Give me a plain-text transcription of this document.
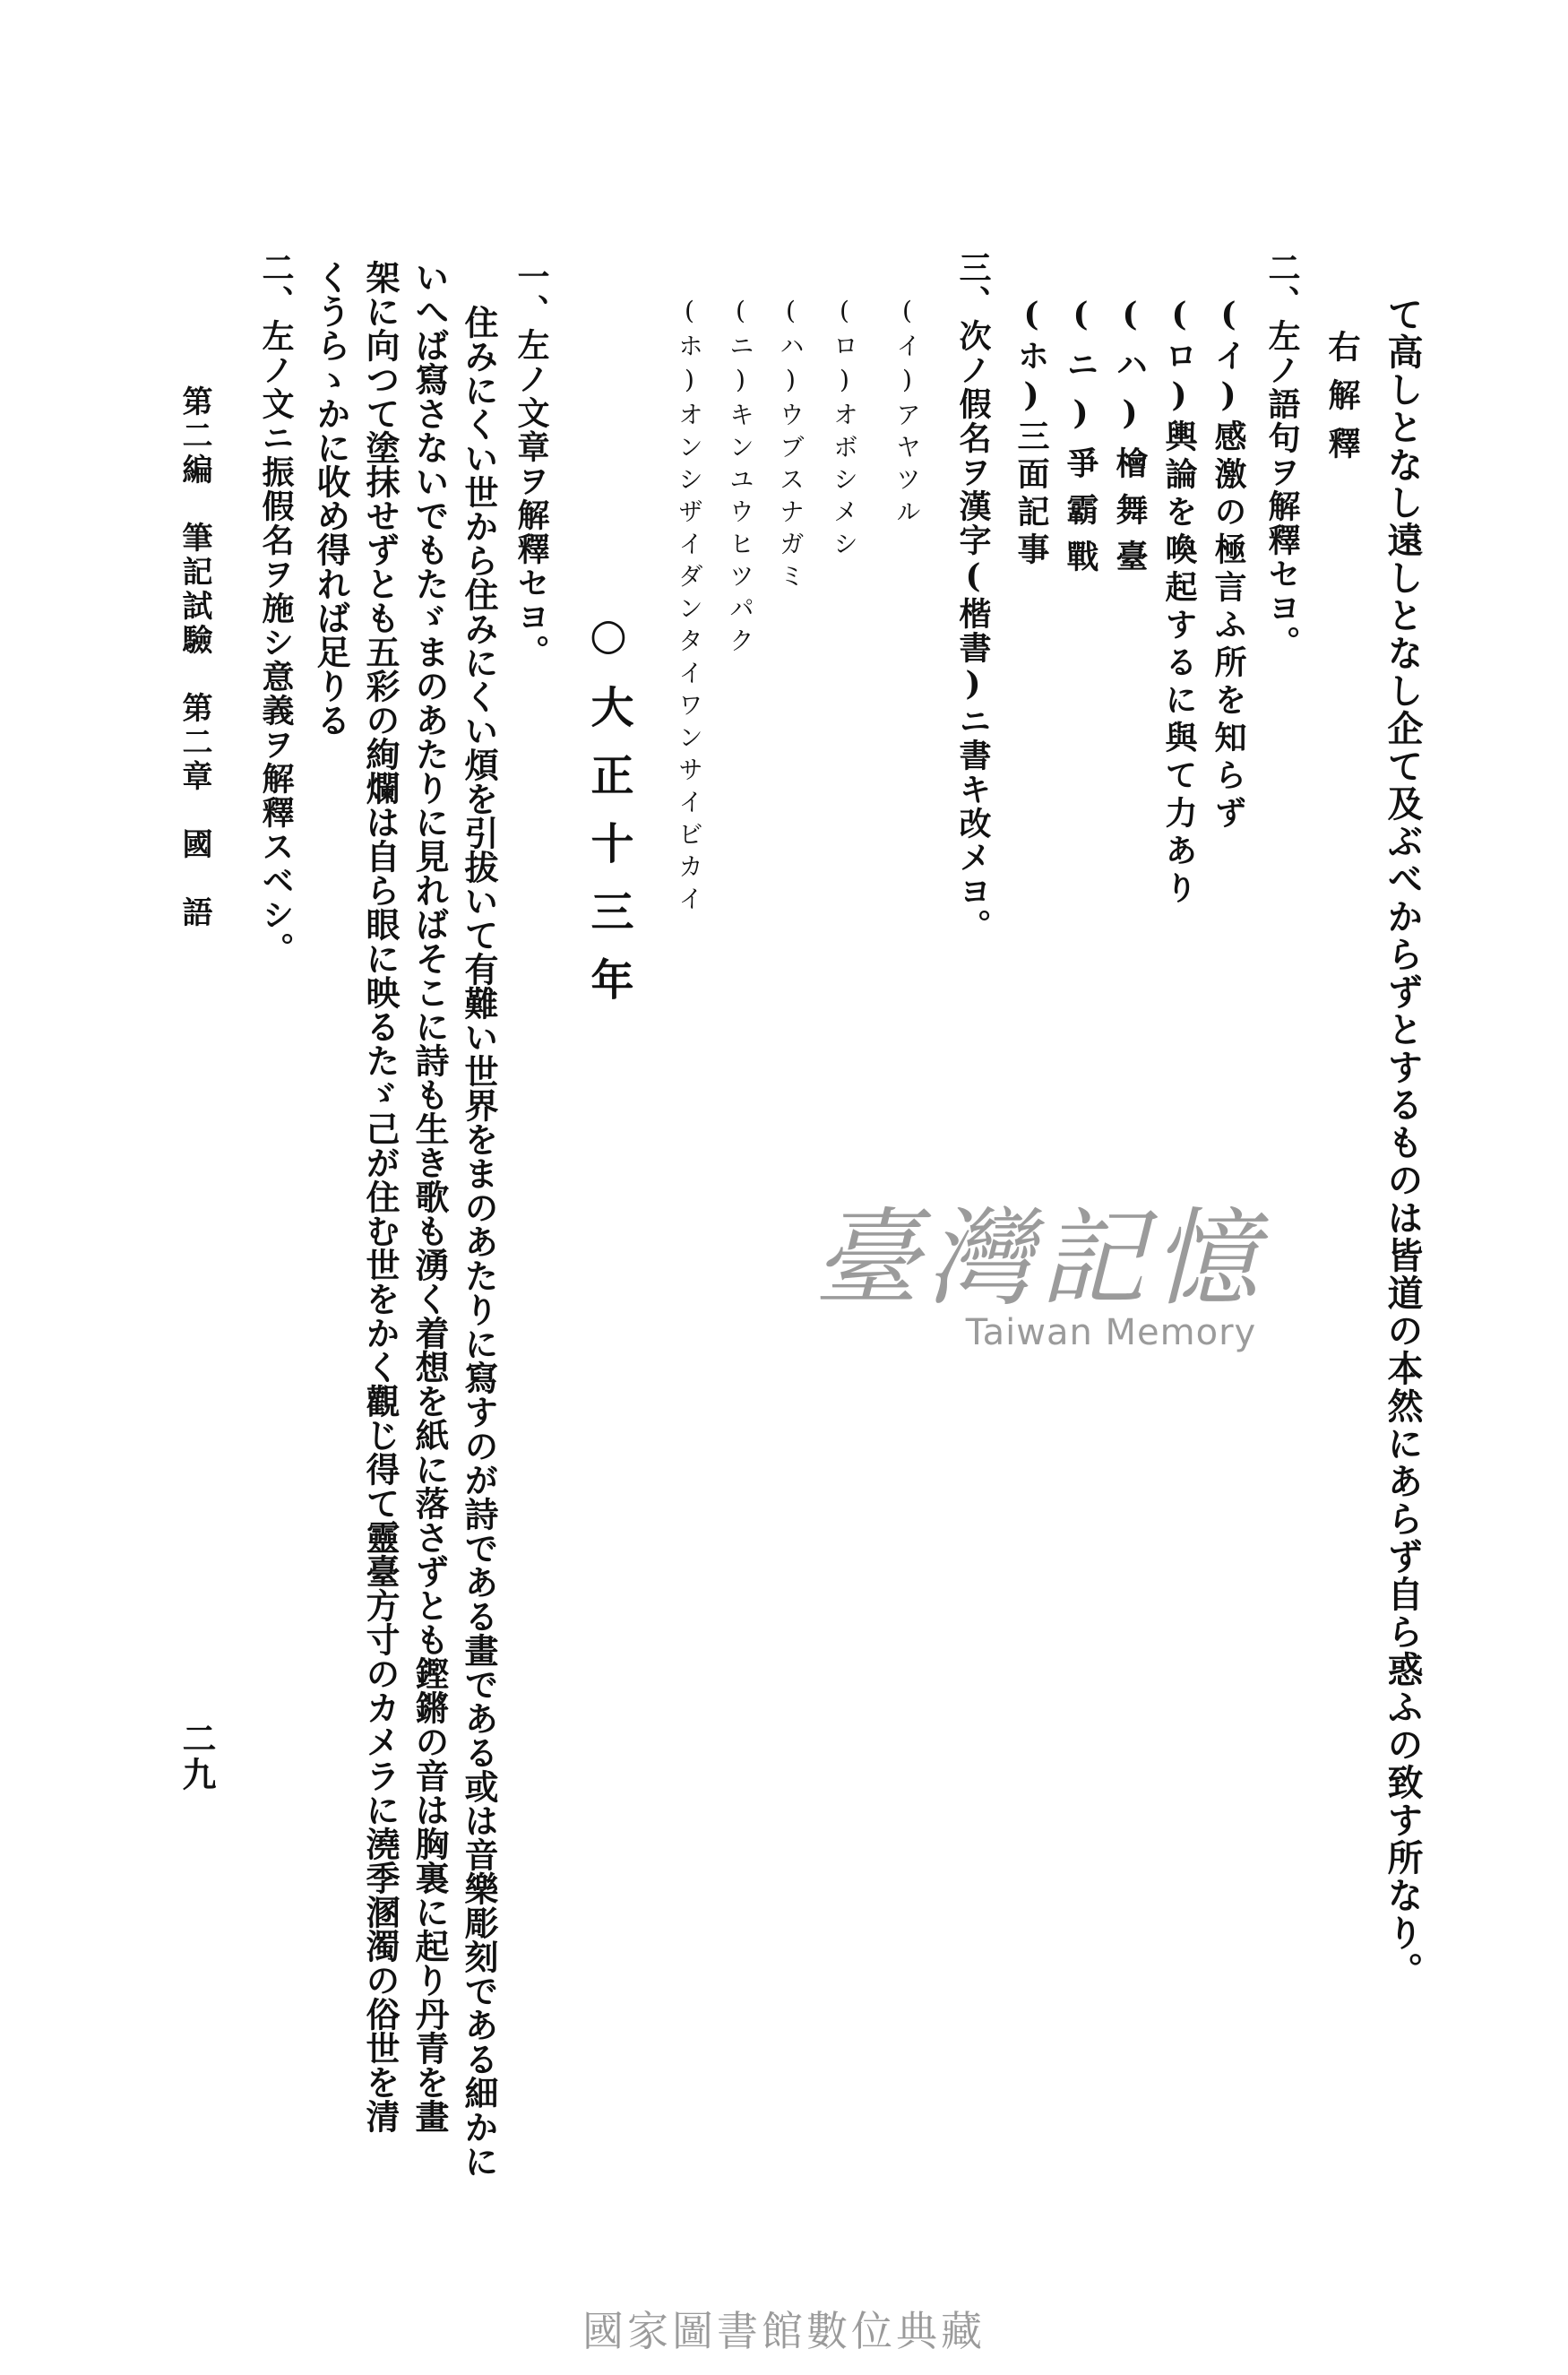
て高しとなし遠しとなし企て及ぶべからずとするものは皆道の本然にあらず自ら惑ふの致す所なり。
右解釋
二、左ノ語句ヲ解釋セヨ。
(イ)感激の極言ふ所を知らず
(ロ)輿論を喚起するに與て力あり
(ハ)檜舞臺
(ニ)爭霸戰
(ホ)三面記事
三、次ノ假名ヲ漢字(楷書)ニ書キ改メヨ。
(イ)アヤツル
(ロ)オボシメシ
(ハ)ウブスナガミ
(ニ)キンユウヒツパク
(ホ)オンシザイダンタイワンサイビカイ
○大正十三年
一、左ノ文章ヲ解釋セヨ。
住みにくい世から住みにくい煩を引拔いて有難い世界をまのあたりに寫すのが詩である畫である或は音樂彫刻である細かに
いへば寫さないでもたゞまのあたりに見ればそこに詩も生き歌も湧く着想を紙に落さずとも鏗鏘の音は胸裏に起り丹青を畫
架に向つて塗抹せずとも五彩の絢爛は自ら眼に映るたゞ己が住む世をかく觀じ得て靈臺方寸のカメラに澆季溷濁の俗世を清
くうらゝかに收め得れば足りる
二、左ノ文ニ振假名ヲ施シ意義ヲ解釋スベシ。
第二編　筆記試驗　第二章　國　語
二九
臺灣記憶
Taiwan Memory
國家圖書館數位典藏
